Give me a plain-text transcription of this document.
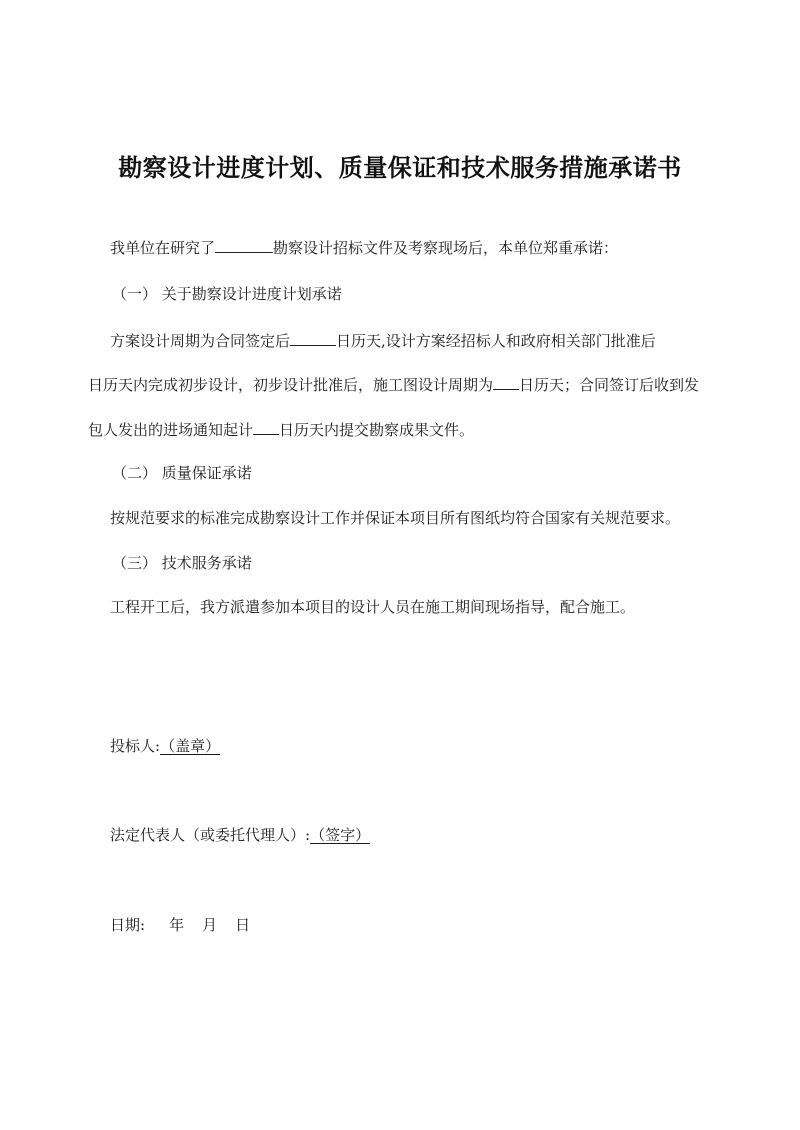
勘察设计进度计划、质量保证和技术服务措施承诺书
我单位在研究了	勘察设计招标文件及考察现场后，本单位郑重承诺：
（一） 关于勘察设计进度计划承诺
方案设计周期为合同签定后	日历天,设计方案经招标人和政府相关部门批准后
日历天内完成初步设计，初步设计批准后，施工图设计周期为 日历天；合同签订后收到发
包人发出的进场通知起计 日历天内提交勘察成果文件。
（二） 质量保证承诺
按规范要求的标准完成勘察设计工作并保证本项目所有图纸均符合国家有关规范要求。
（三） 技术服务承诺
工程开工后，我方派遣参加本项目的设计人员在施工期间现场指导，配合施工。
投标人:（盖章）
法定代表人（或委托代理人）:（签字）
日期: 年 月 日
